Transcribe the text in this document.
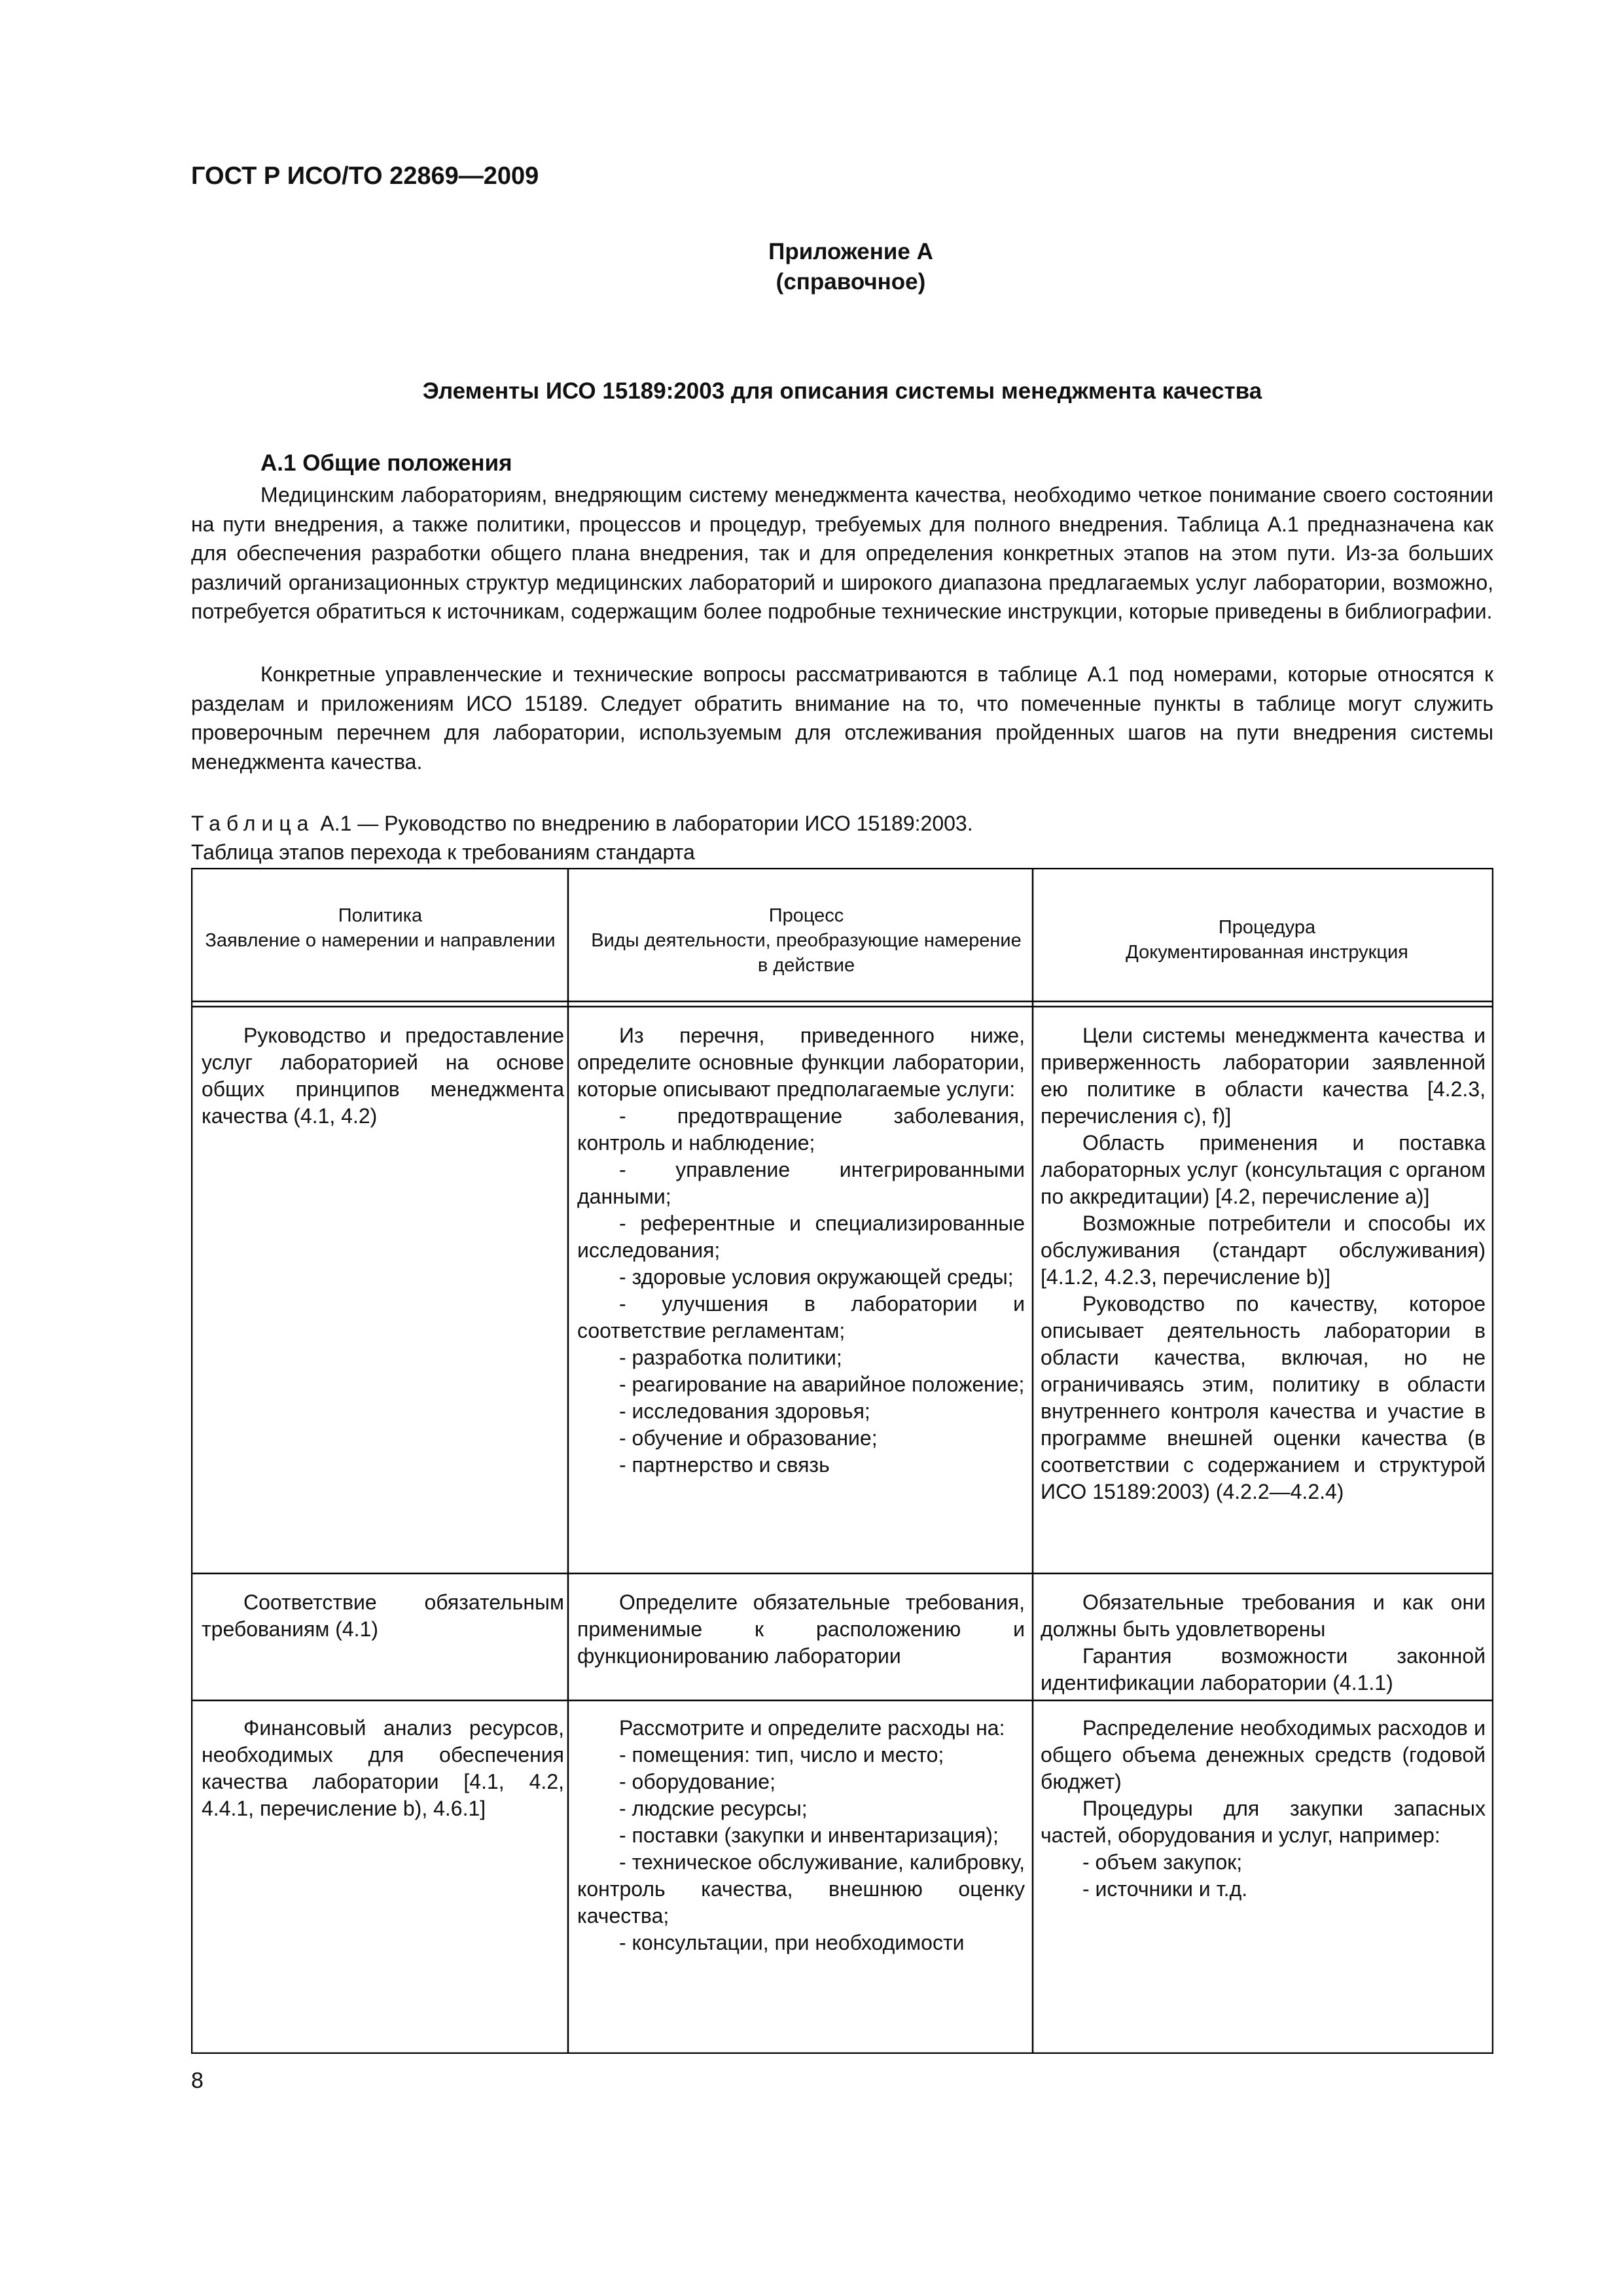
ГОСТ Р ИСО/ТО 22869—2009
Приложение А
(справочное)
Элементы ИСО 15189:2003 для описания системы менеджмента качества
А.1 Общие положения
Медицинским лабораториям, внедряющим систему менеджмента качества, необходимо четкое понимание своего состоянии на пути внедрения, а также политики, процессов и процедур, требуемых для полного внедрения. Таблица А.1 предназначена как для обеспечения разработки общего плана внедрения, так и для определения конкретных этапов на этом пути. Из-за больших различий организационных структур медицинских лабораторий и широкого диапазона предлагаемых услуг лаборатории, возможно, потребуется обратиться к источникам, содержащим более подробные технические инструкции, которые приведены в библиографии.
Конкретные управленческие и технические вопросы рассматриваются в таблице А.1 под номерами, которые относятся к разделам и приложениям ИСО 15189. Следует обратить внимание на то, что помеченные пункты в таблице могут служить проверочным перечнем для лаборатории, используемым для отслеживания пройденных шагов на пути внедрения системы менеджмента качества.
Таблица А.1 — Руководство по внедрению в лаборатории ИСО 15189:2003.
Таблица этапов перехода к требованиям стандарта
Политика
Заявление о намерении и направлении
Процесс
Виды деятельности, преобразующие намерение в действие
Процедура
Документированная инструкция
Руководство и предоставление услуг лабораторией на основе общих принципов менеджмента качества (4.1, 4.2)
Из перечня, приведенного ниже, определите основные функции лаборатории, которые описывают предполагаемые услуги:
- предотвращение заболевания, контроль и наблюдение;
- управление интегрированными данными;
- референтные и специализированные исследования;
- здоровые условия окружающей среды;
- улучшения в лаборатории и соответствие регламентам;
- разработка политики;
- реагирование на аварийное положение;
- исследования здоровья;
- обучение и образование;
- партнерство и связь
Цели системы менеджмента качества и приверженность лаборатории заявленной ею политике в области качества [4.2.3, перечисления с), f)]
Область применения и поставка лабораторных услуг (консультация с органом по аккредитации) [4.2, перечисление а)]
Возможные потребители и способы их обслуживания (стандарт обслуживания) [4.1.2, 4.2.3, перечисление b)]
Руководство по качеству, которое описывает деятельность лаборатории в области качества, включая, но не ограничиваясь этим, политику в области внутреннего контроля качества и участие в программе внешней оценки качества (в соответствии с содержанием и структурой ИСО 15189:2003) (4.2.2—4.2.4)
Соответствие обязательным требованиям (4.1)
Определите обязательные требования, применимые к расположению и функционированию лаборатории
Обязательные требования и как они должны быть удовлетворены
Гарантия возможности законной идентификации лаборатории (4.1.1)
Финансовый анализ ресурсов, необходимых для обеспечения качества лаборатории [4.1, 4.2, 4.4.1, перечисление b), 4.6.1]
Рассмотрите и определите расходы на:
- помещения: тип, число и место;
- оборудование;
- людские ресурсы;
- поставки (закупки и инвентаризация);
- техническое обслуживание, калибровку, контроль качества, внешнюю оценку качества;
- консультации, при необходимости
Распределение необходимых расходов и общего объема денежных средств (годовой бюджет)
Процедуры для закупки запасных частей, оборудования и услуг, например:
- объем закупок;
- источники и т.д.
8
